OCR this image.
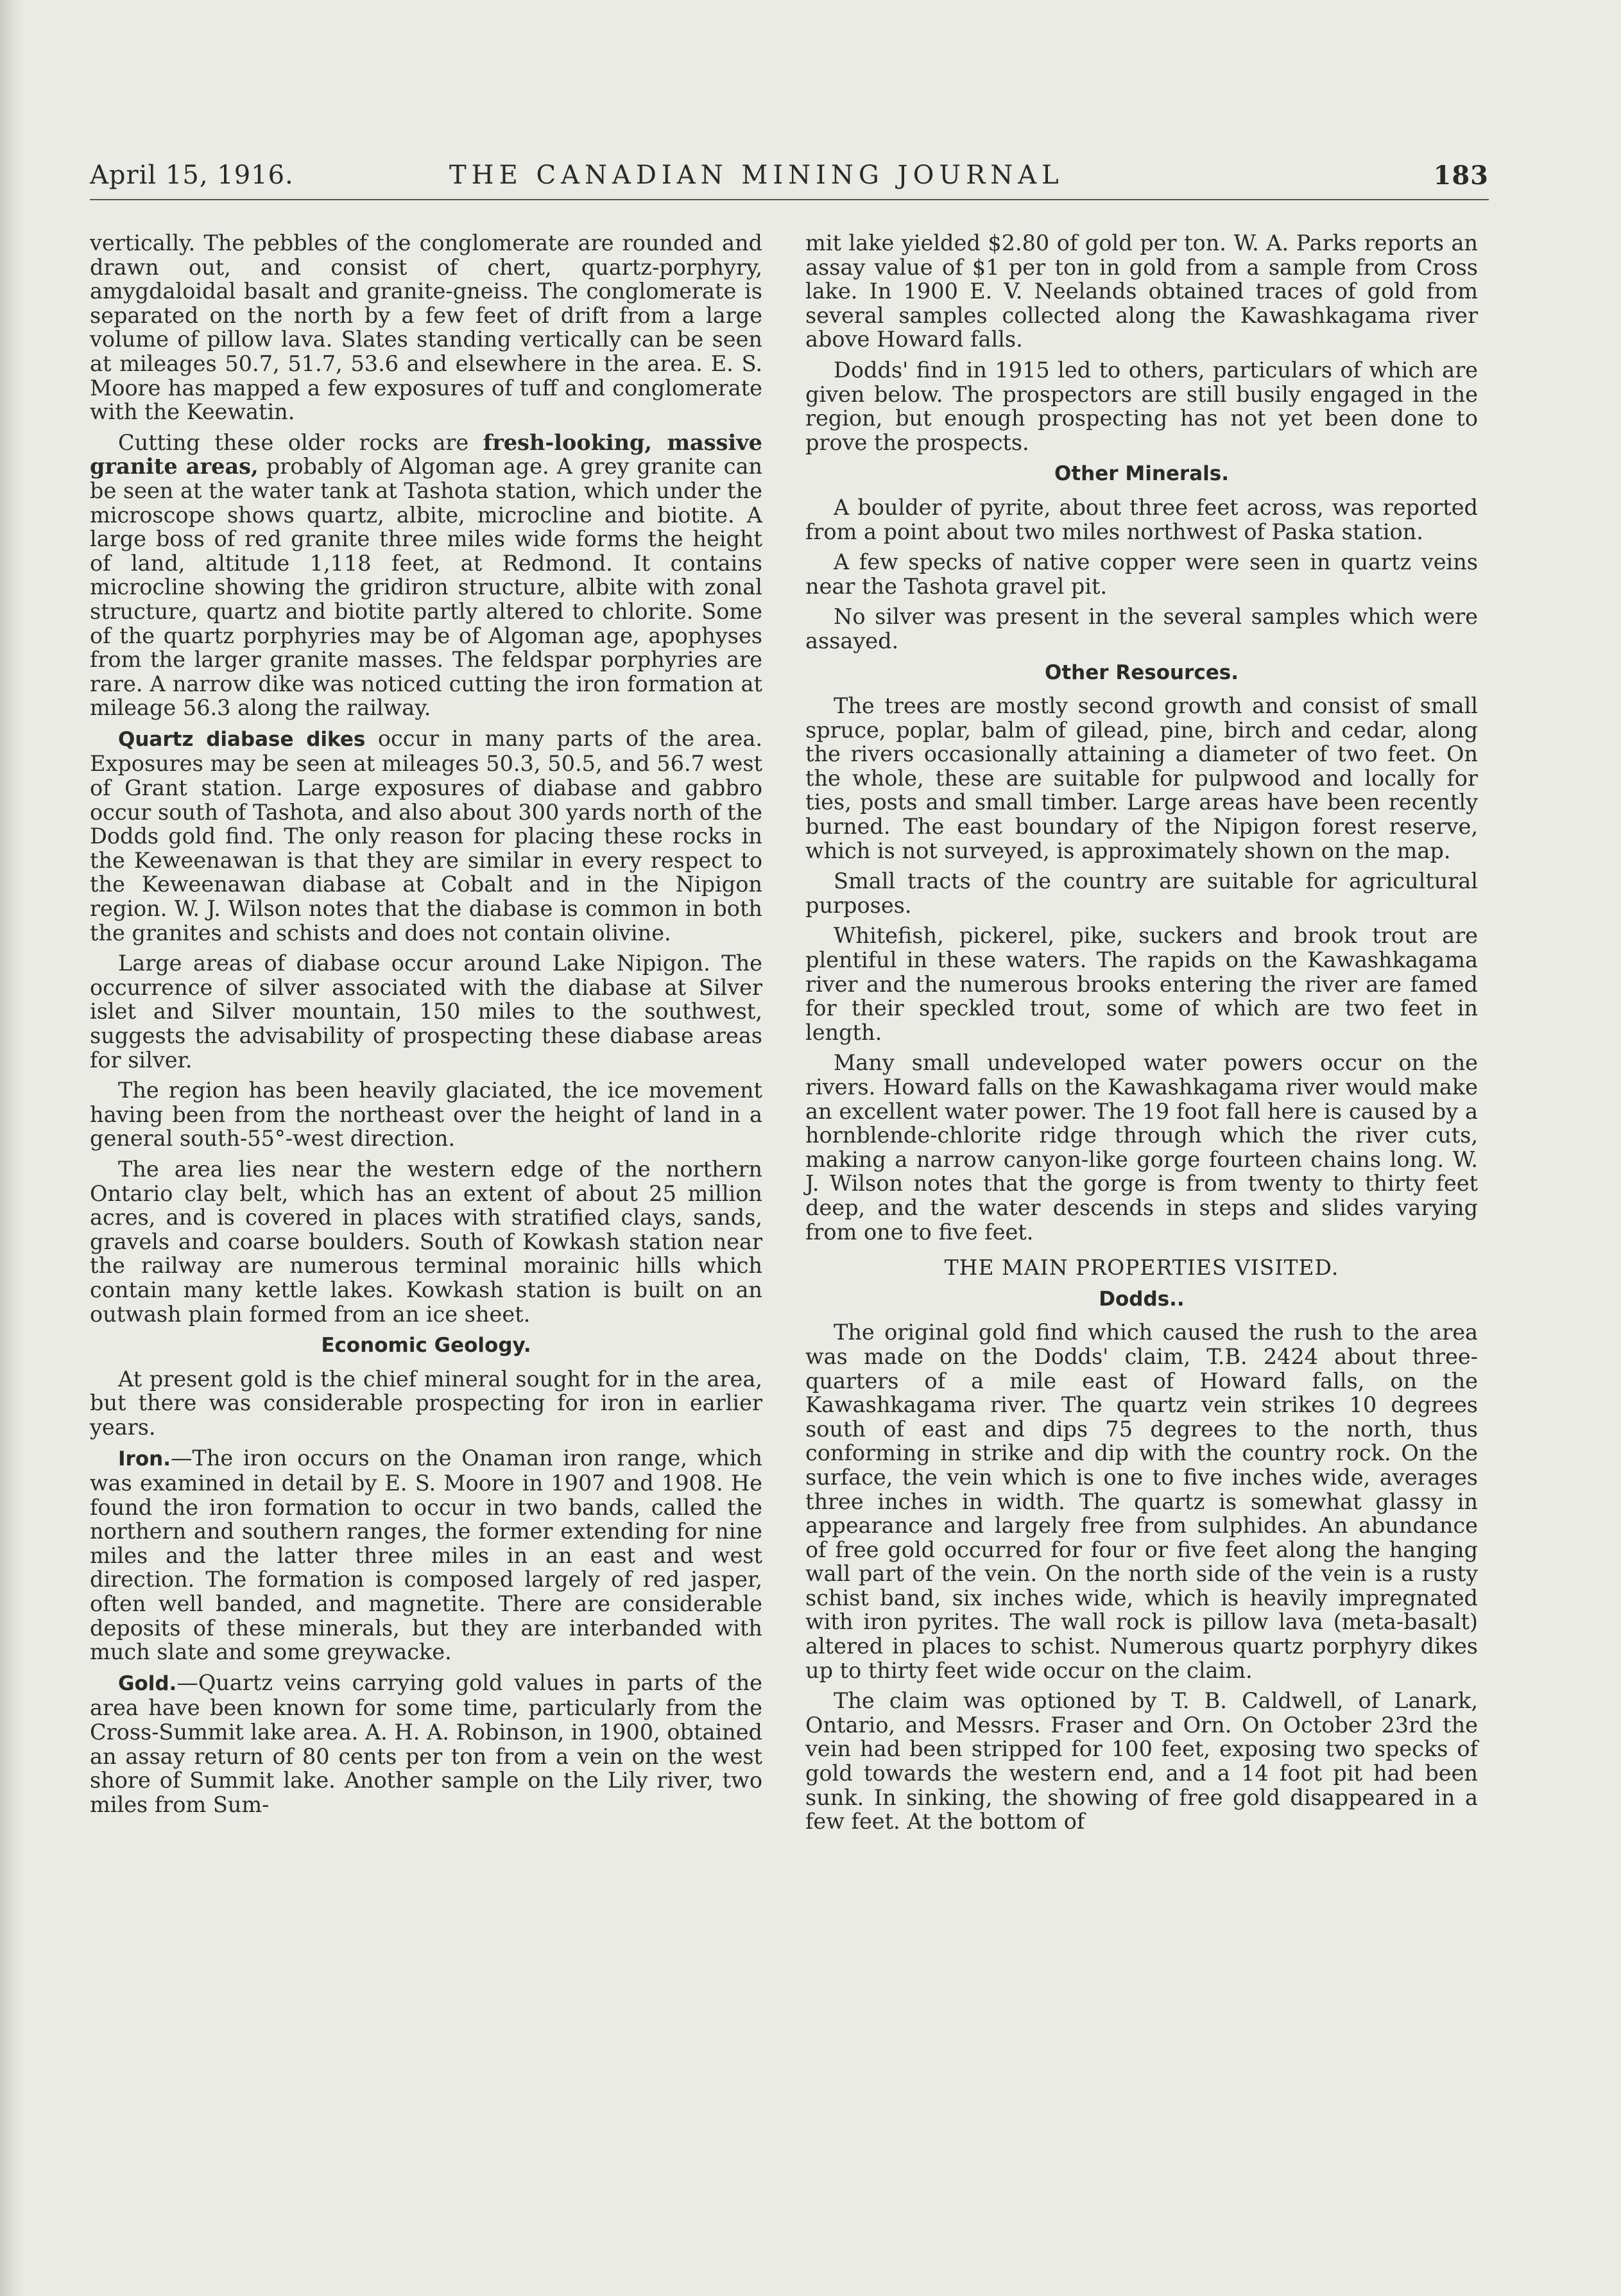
April 15, 1916.	THE CANADIAN MINING JOURNAL	183

vertically. The pebbles of the conglomerate are rounded and drawn out, and consist of chert, quartz-porphyry, amygdaloidal basalt and granite-gneiss. The conglomerate is separated on the north by a few feet of drift from a large volume of pillow lava. Slates standing vertically can be seen at mileages 50.7, 51.7, 53.6 and elsewhere in the area. E. S. Moore has mapped a few exposures of tuff and conglomerate with the Keewatin.

Cutting these older rocks are fresh-looking, massive granite areas, probably of Algoman age. A grey granite can be seen at the water tank at Tashota station, which under the microscope shows quartz, albite, microcline and biotite. A large boss of red granite three miles wide forms the height of land, altitude 1,118 feet, at Redmond. It contains microcline showing the gridiron structure, albite with zonal structure, quartz and biotite partly altered to chlorite. Some of the quartz porphyries may be of Algoman age, apophyses from the larger granite masses. The feldspar porphyries are rare. A narrow dike was noticed cutting the iron formation at mileage 56.3 along the railway.

Quartz diabase dikes occur in many parts of the area. Exposures may be seen at mileages 50.3, 50.5, and 56.7 west of Grant station. Large exposures of diabase and gabbro occur south of Tashota, and also about 300 yards north of the Dodds gold find. The only reason for placing these rocks in the Keweenawan is that they are similar in every respect to the Keweenawan diabase at Cobalt and in the Nipigon region. W. J. Wilson notes that the diabase is common in both the granites and schists and does not contain olivine.

Large areas of diabase occur around Lake Nipigon. The occurrence of silver associated with the diabase at Silver islet and Silver mountain, 150 miles to the southwest, suggests the advisability of prospecting these diabase areas for silver.

The region has been heavily glaciated, the ice movement having been from the northeast over the height of land in a general south-55°-west direction.

The area lies near the western edge of the northern Ontario clay belt, which has an extent of about 25 million acres, and is covered in places with stratified clays, sands, gravels and coarse boulders. South of Kowkash station near the railway are numerous terminal morainic hills which contain many kettle lakes. Kowkash station is built on an outwash plain formed from an ice sheet.

Economic Geology.

At present gold is the chief mineral sought for in the area, but there was considerable prospecting for iron in earlier years.

Iron.—The iron occurs on the Onaman iron range, which was examined in detail by E. S. Moore in 1907 and 1908. He found the iron formation to occur in two bands, called the northern and southern ranges, the former extending for nine miles and the latter three miles in an east and west direction. The formation is composed largely of red jasper, often well banded, and magnetite. There are considerable deposits of these minerals, but they are interbanded with much slate and some greywacke.

Gold.—Quartz veins carrying gold values in parts of the area have been known for some time, particularly from the Cross-Summit lake area. A. H. A. Robinson, in 1900, obtained an assay return of 80 cents per ton from a vein on the west shore of Summit lake. Another sample on the Lily river, two miles from Sum-

mit lake yielded $2.80 of gold per ton. W. A. Parks reports an assay value of $1 per ton in gold from a sample from Cross lake. In 1900 E. V. Neelands obtained traces of gold from several samples collected along the Kawashkagama river above Howard falls.

Dodds' find in 1915 led to others, particulars of which are given below. The prospectors are still busily engaged in the region, but enough prospecting has not yet been done to prove the prospects.

Other Minerals.

A boulder of pyrite, about three feet across, was reported from a point about two miles northwest of Paska station.

A few specks of native copper were seen in quartz veins near the Tashota gravel pit.

No silver was present in the several samples which were assayed.

Other Resources.

The trees are mostly second growth and consist of small spruce, poplar, balm of gilead, pine, birch and cedar, along the rivers occasionally attaining a diameter of two feet. On the whole, these are suitable for pulpwood and locally for ties, posts and small timber. Large areas have been recently burned. The east boundary of the Nipigon forest reserve, which is not surveyed, is approximately shown on the map.

Small tracts of the country are suitable for agricultural purposes.

Whitefish, pickerel, pike, suckers and brook trout are plentiful in these waters. The rapids on the Kawashkagama river and the numerous brooks entering the river are famed for their speckled trout, some of which are two feet in length.

Many small undeveloped water powers occur on the rivers. Howard falls on the Kawashkagama river would make an excellent water power. The 19 foot fall here is caused by a hornblende-chlorite ridge through which the river cuts, making a narrow canyon-like gorge fourteen chains long. W. J. Wilson notes that the gorge is from twenty to thirty feet deep, and the water descends in steps and slides varying from one to five feet.

THE MAIN PROPERTIES VISITED.
Dodds..

The original gold find which caused the rush to the area was made on the Dodds' claim, T.B. 2424 about three-quarters of a mile east of Howard falls, on the Kawashkagama river. The quartz vein strikes 10 degrees south of east and dips 75 degrees to the north, thus conforming in strike and dip with the country rock. On the surface, the vein which is one to five inches wide, averages three inches in width. The quartz is somewhat glassy in appearance and largely free from sulphides. An abundance of free gold occurred for four or five feet along the hanging wall part of the vein. On the north side of the vein is a rusty schist band, six inches wide, which is heavily impregnated with iron pyrites. The wall rock is pillow lava (meta-basalt) altered in places to schist. Numerous quartz porphyry dikes up to thirty feet wide occur on the claim.

The claim was optioned by T. B. Caldwell, of Lanark, Ontario, and Messrs. Fraser and Orn. On October 23rd the vein had been stripped for 100 feet, exposing two specks of gold towards the western end, and a 14 foot pit had been sunk. In sinking, the showing of free gold disappeared in a few feet. At the bottom of
